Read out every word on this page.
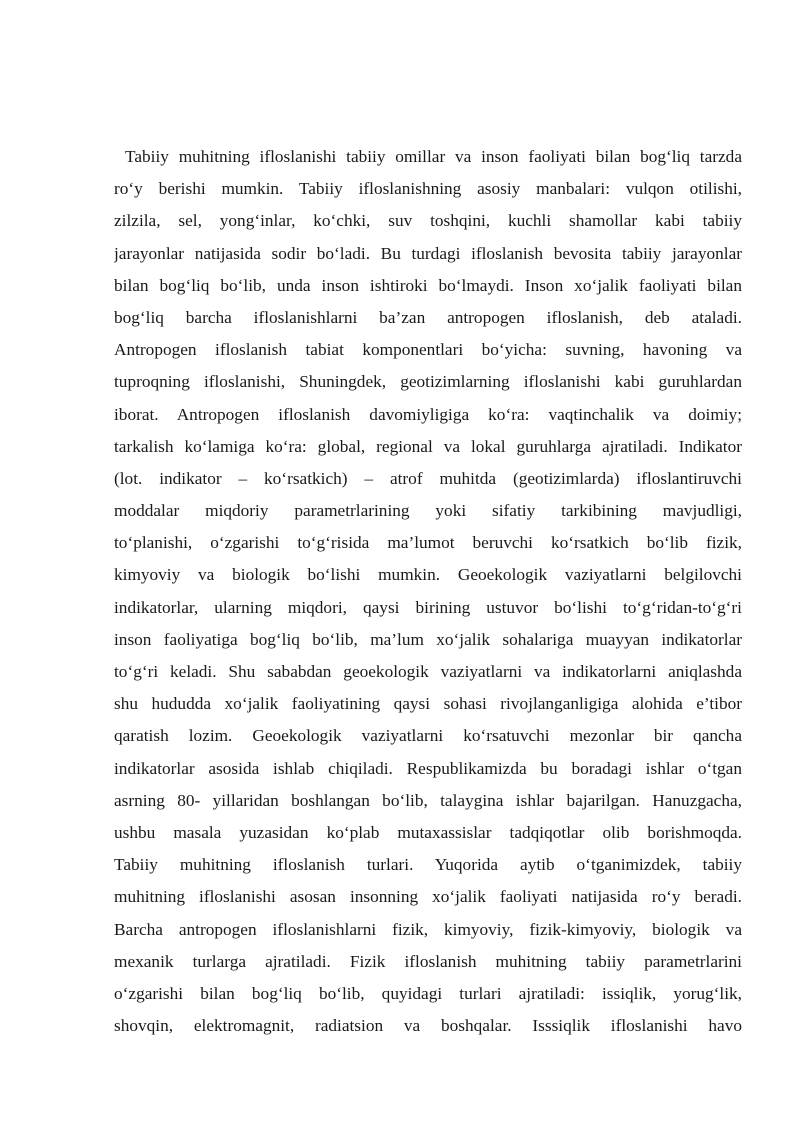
Tabiiy muhitning ifloslanishi tabiiy omillar va inson faoliyati bilan bog‘liq tarzda
ro‘y berishi mumkin. Tabiiy ifloslanishning asosiy manbalari: vulqon otilishi,
zilzila, sel, yong‘inlar, ko‘chki, suv toshqini, kuchli shamollar kabi tabiiy
jarayonlar natijasida sodir bo‘ladi. Bu turdagi ifloslanish bevosita tabiiy jarayonlar
bilan bog‘liq bo‘lib, unda inson ishtiroki bo‘lmaydi. Inson xo‘jalik faoliyati bilan
bog‘liq barcha ifloslanishlarni ba’zan antropogen ifloslanish, deb ataladi.
Antropogen ifloslanish tabiat komponentlari bo‘yicha: suvning, havoning va
tuproqning ifloslanishi, Shuningdek, geotizimlarning ifloslanishi kabi guruhlardan
iborat. Antropogen ifloslanish davomiyligiga ko‘ra: vaqtinchalik va doimiy;
tarkalish ko‘lamiga ko‘ra: global, regional va lokal guruhlarga ajratiladi. Indikator
(lot. indikator – ko‘rsatkich) – atrof muhitda (geotizimlarda) ifloslantiruvchi
moddalar miqdoriy parametrlarining yoki sifatiy tarkibining mavjudligi,
to‘planishi, o‘zgarishi to‘g‘risida ma’lumot beruvchi ko‘rsatkich bo‘lib fizik,
kimyoviy va biologik bo‘lishi mumkin. Geoekologik vaziyatlarni belgilovchi
indikatorlar, ularning miqdori, qaysi birining ustuvor bo‘lishi to‘g‘ridan-to‘g‘ri
inson faoliyatiga bog‘liq bo‘lib, ma’lum xo‘jalik sohalariga muayyan indikatorlar
to‘g‘ri keladi. Shu sababdan geoekologik vaziyatlarni va indikatorlarni aniqlashda
shu hududda xo‘jalik faoliyatining qaysi sohasi rivojlanganligiga alohida e’tibor
qaratish lozim. Geoekologik vaziyatlarni ko‘rsatuvchi mezonlar bir qancha
indikatorlar asosida ishlab chiqiladi. Respublikamizda bu boradagi ishlar o‘tgan
asrning 80- yillaridan boshlangan bo‘lib, talaygina ishlar bajarilgan. Hanuzgacha,
ushbu masala yuzasidan ko‘plab mutaxassislar tadqiqotlar olib borishmoqda.
Tabiiy muhitning ifloslanish turlari. Yuqorida aytib o‘tganimizdek, tabiiy
muhitning ifloslanishi asosan insonning xo‘jalik faoliyati natijasida ro‘y beradi.
Barcha antropogen ifloslanishlarni fizik, kimyoviy, fizik-kimyoviy, biologik va
mexanik turlarga ajratiladi. Fizik ifloslanish muhitning tabiiy parametrlarini
o‘zgarishi bilan bog‘liq bo‘lib, quyidagi turlari ajratiladi: issiqlik, yorug‘lik,
shovqin, elektromagnit, radiatsion va boshqalar. Isssiqlik ifloslanishi havo
